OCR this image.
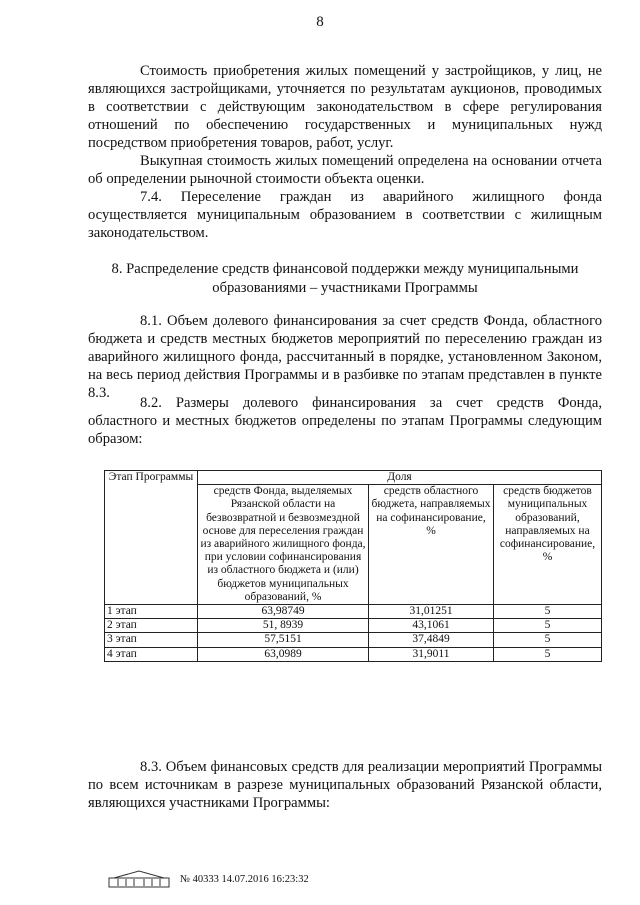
8
Стоимость приобретения жилых помещений у застройщиков, у лиц, не являющихся застройщиками, уточняется по результатам аукционов, проводимых в соответствии с действующим законодательством в сфере регулирования отношений по обеспечению государственных и муниципальных нужд посредством приобретения товаров, работ, услуг.
Выкупная стоимость жилых помещений определена на основании отчета об определении рыночной стоимости объекта оценки.
7.4. Переселение граждан из аварийного жилищного фонда осуществляется муниципальным образованием в соответствии с жилищным законодательством.
8. Распределение средств финансовой поддержки между муниципальными образованиями – участниками Программы
8.1. Объем долевого финансирования за счет средств Фонда, областного бюджета и средств местных бюджетов мероприятий по переселению граждан из аварийного жилищного фонда, рассчитанный в порядке, установленном Законом, на весь период действия Программы и в разбивке по этапам представлен в пункте 8.3.
8.2. Размеры долевого финансирования за счет средств Фонда, областного и местных бюджетов определены по этапам Программы следующим образом:
Этап Программы	Доля		
	средств Фонда, выделяемых Рязанской области на безвозвратной и безвозмездной основе для переселения граждан из аварийного жилищного фонда, при условии софинансирования из областного бюджета и (или) бюджетов муниципальных образований, %	средств областного бюджета, направляемых на софинансирование, %	средств бюджетов муниципальных образований, направляемых на софинансирование, %
1 этап	63,98749	31,01251	5
2 этап	51, 8939	43,1061	5
3 этап	57,5151	37,4849	5
4 этап	63,0989	31,9011	5
8.3. Объем финансовых средств для реализации мероприятий Программы по всем источникам в разрезе муниципальных образований Рязанской области, являющихся участниками Программы:
№ 40333 14.07.2016 16:23:32
